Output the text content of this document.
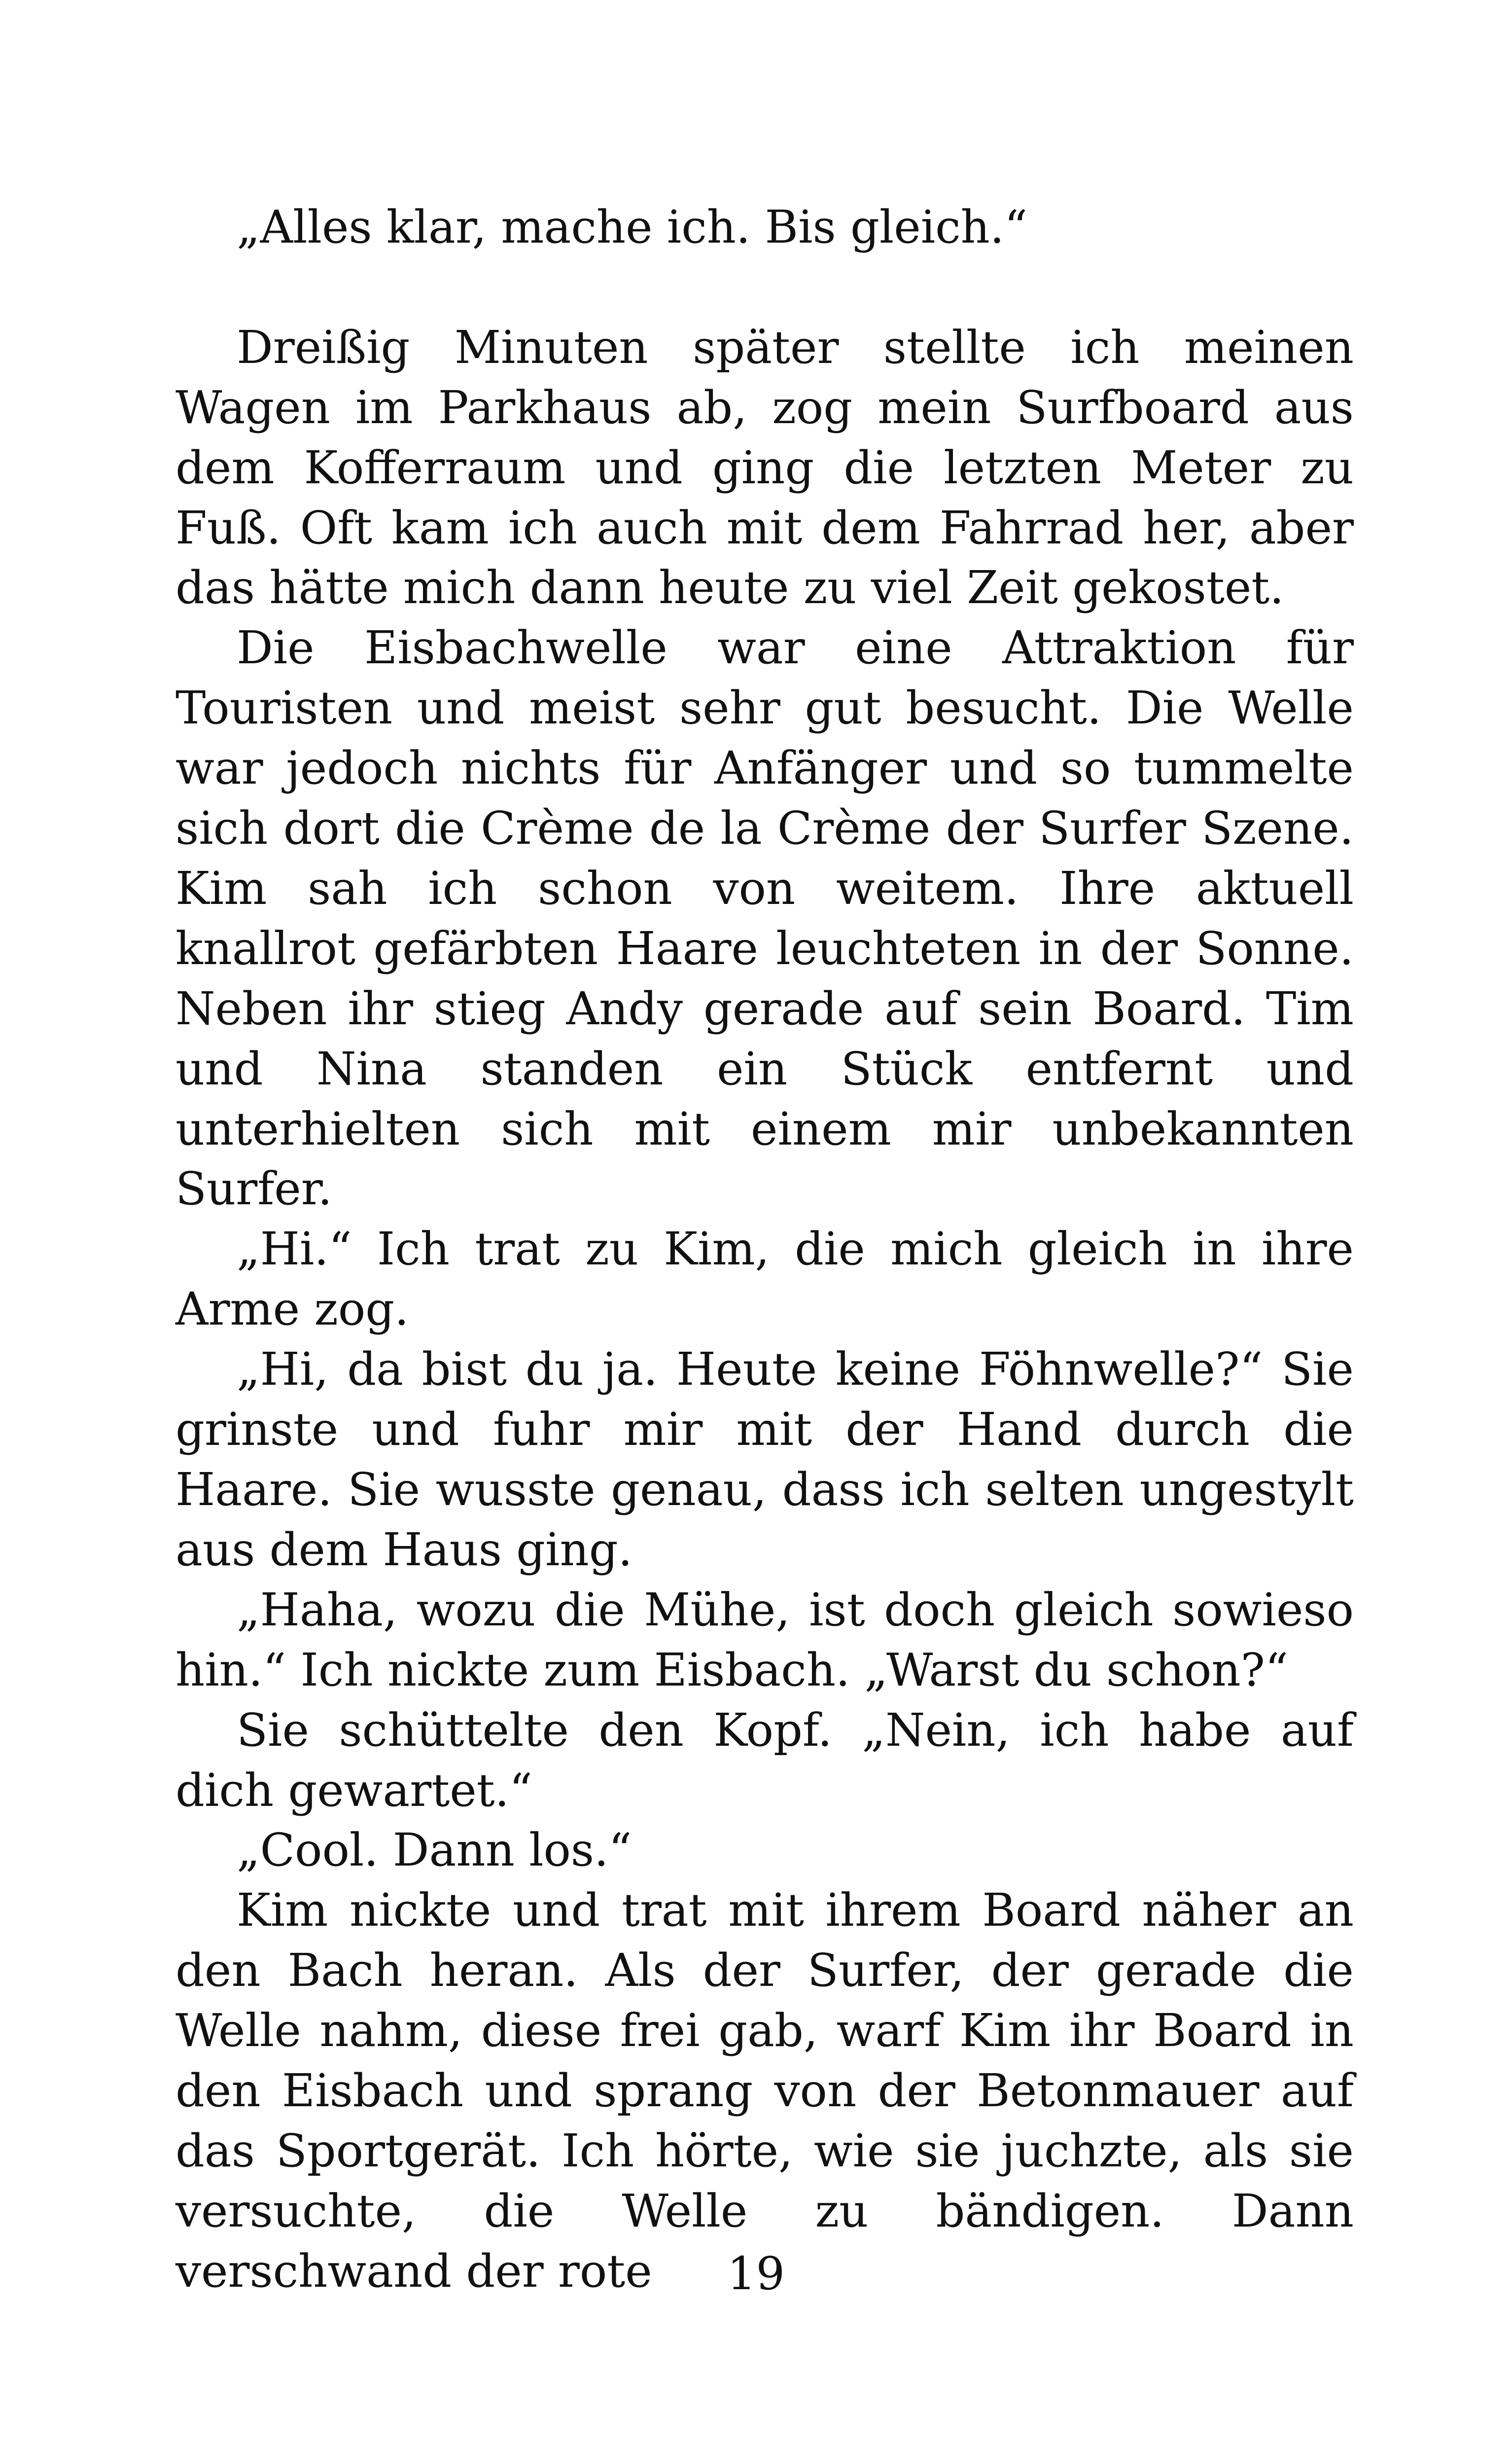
„Alles klar, mache ich. Bis gleich.“

Dreißig Minuten später stellte ich meinen Wagen im Parkhaus ab, zog mein Surfboard aus dem Kofferraum und ging die letzten Meter zu Fuß. Oft kam ich auch mit dem Fahrrad her, aber das hätte mich dann heute zu viel Zeit gekostet.

Die Eisbachwelle war eine Attraktion für Touristen und meist sehr gut besucht. Die Welle war jedoch nichts für Anfänger und so tummelte sich dort die Crème de la Crème der Surfer Szene. Kim sah ich schon von weitem. Ihre aktuell knallrot gefärbten Haare leuchteten in der Sonne. Neben ihr stieg Andy gerade auf sein Board. Tim und Nina standen ein Stück entfernt und unterhielten sich mit einem mir unbekannten Surfer.

„Hi.“ Ich trat zu Kim, die mich gleich in ihre Arme zog.

„Hi, da bist du ja. Heute keine Föhnwelle?“ Sie grinste und fuhr mir mit der Hand durch die Haare. Sie wusste genau, dass ich selten ungestylt aus dem Haus ging.

„Haha, wozu die Mühe, ist doch gleich sowieso hin.“ Ich nickte zum Eisbach. „Warst du schon?“

Sie schüttelte den Kopf. „Nein, ich habe auf dich gewartet.“

„Cool. Dann los.“

Kim nickte und trat mit ihrem Board näher an den Bach heran. Als der Surfer, der gerade die Welle nahm, diese frei gab, warf Kim ihr Board in den Eisbach und sprang von der Betonmauer auf das Sportgerät. Ich hörte, wie sie juchzte, als sie versuchte, die Welle zu bändigen. Dann verschwand der rote	19
